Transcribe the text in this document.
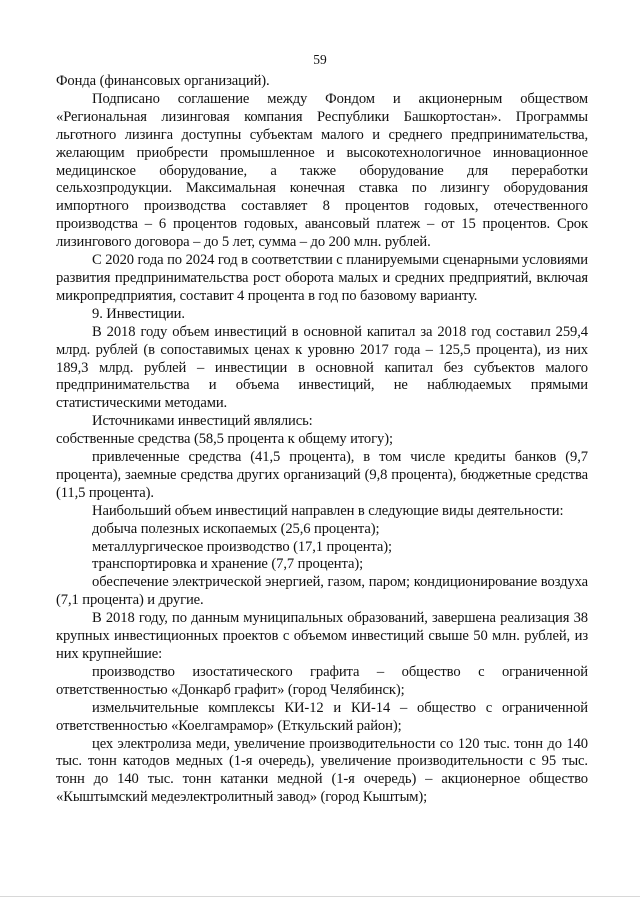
59

Фонда (финансовых организаций).

Подписано соглашение между Фондом и акционерным обществом «Региональная лизинговая компания Республики Башкортостан». Программы льготного лизинга доступны субъектам малого и среднего предпринимательства, желающим приобрести промышленное и высокотехнологичное инновационное медицинское оборудование, а также оборудование для переработки сельхозпродукции. Максимальная конечная ставка по лизингу оборудования импортного производства составляет 8 процентов годовых, отечественного производства – 6 процентов годовых, авансовый платеж – от 15 процентов. Срок лизингового договора – до 5 лет, сумма – до 200 млн. рублей.

С 2020 года по 2024 год в соответствии с планируемыми сценарными условиями развития предпринимательства рост оборота малых и средних предприятий, включая микропредприятия, составит 4 процента в год по базовому варианту.

9. Инвестиции.

В 2018 году объем инвестиций в основной капитал за 2018 год составил 259,4 млрд. рублей (в сопоставимых ценах к уровню 2017 года – 125,5 процента), из них 189,3 млрд. рублей – инвестиции в основной капитал без субъектов малого предпринимательства и объема инвестиций, не наблюдаемых прямыми статистическими методами.

Источниками инвестиций являлись:

собственные средства (58,5 процента к общему итогу);

привлеченные средства (41,5 процента), в том числе кредиты банков (9,7 процента), заемные средства других организаций (9,8 процента), бюджетные средства (11,5 процента).

Наибольший объем инвестиций направлен в следующие виды деятельности:

добыча полезных ископаемых (25,6 процента);

металлургическое производство (17,1 процента);

транспортировка и хранение (7,7 процента);

обеспечение электрической энергией, газом, паром; кондиционирование воздуха (7,1 процента) и другие.

В 2018 году, по данным муниципальных образований, завершена реализация 38 крупных инвестиционных проектов с объемом инвестиций свыше 50 млн. рублей, из них крупнейшие:

производство изостатического графита – общество с ограниченной ответственностью «Донкарб графит» (город Челябинск);

измельчительные комплексы КИ-12 и КИ-14 – общество с ограниченной ответственностью «Коелгамрамор» (Еткульский район);

цех электролиза меди, увеличение производительности со 120 тыс. тонн до 140 тыс. тонн катодов медных (1-я очередь), увеличение производительности с 95 тыс. тонн до 140 тыс. тонн катанки медной (1-я очередь) – акционерное общество «Кыштымский медеэлектролитный завод» (город Кыштым);
